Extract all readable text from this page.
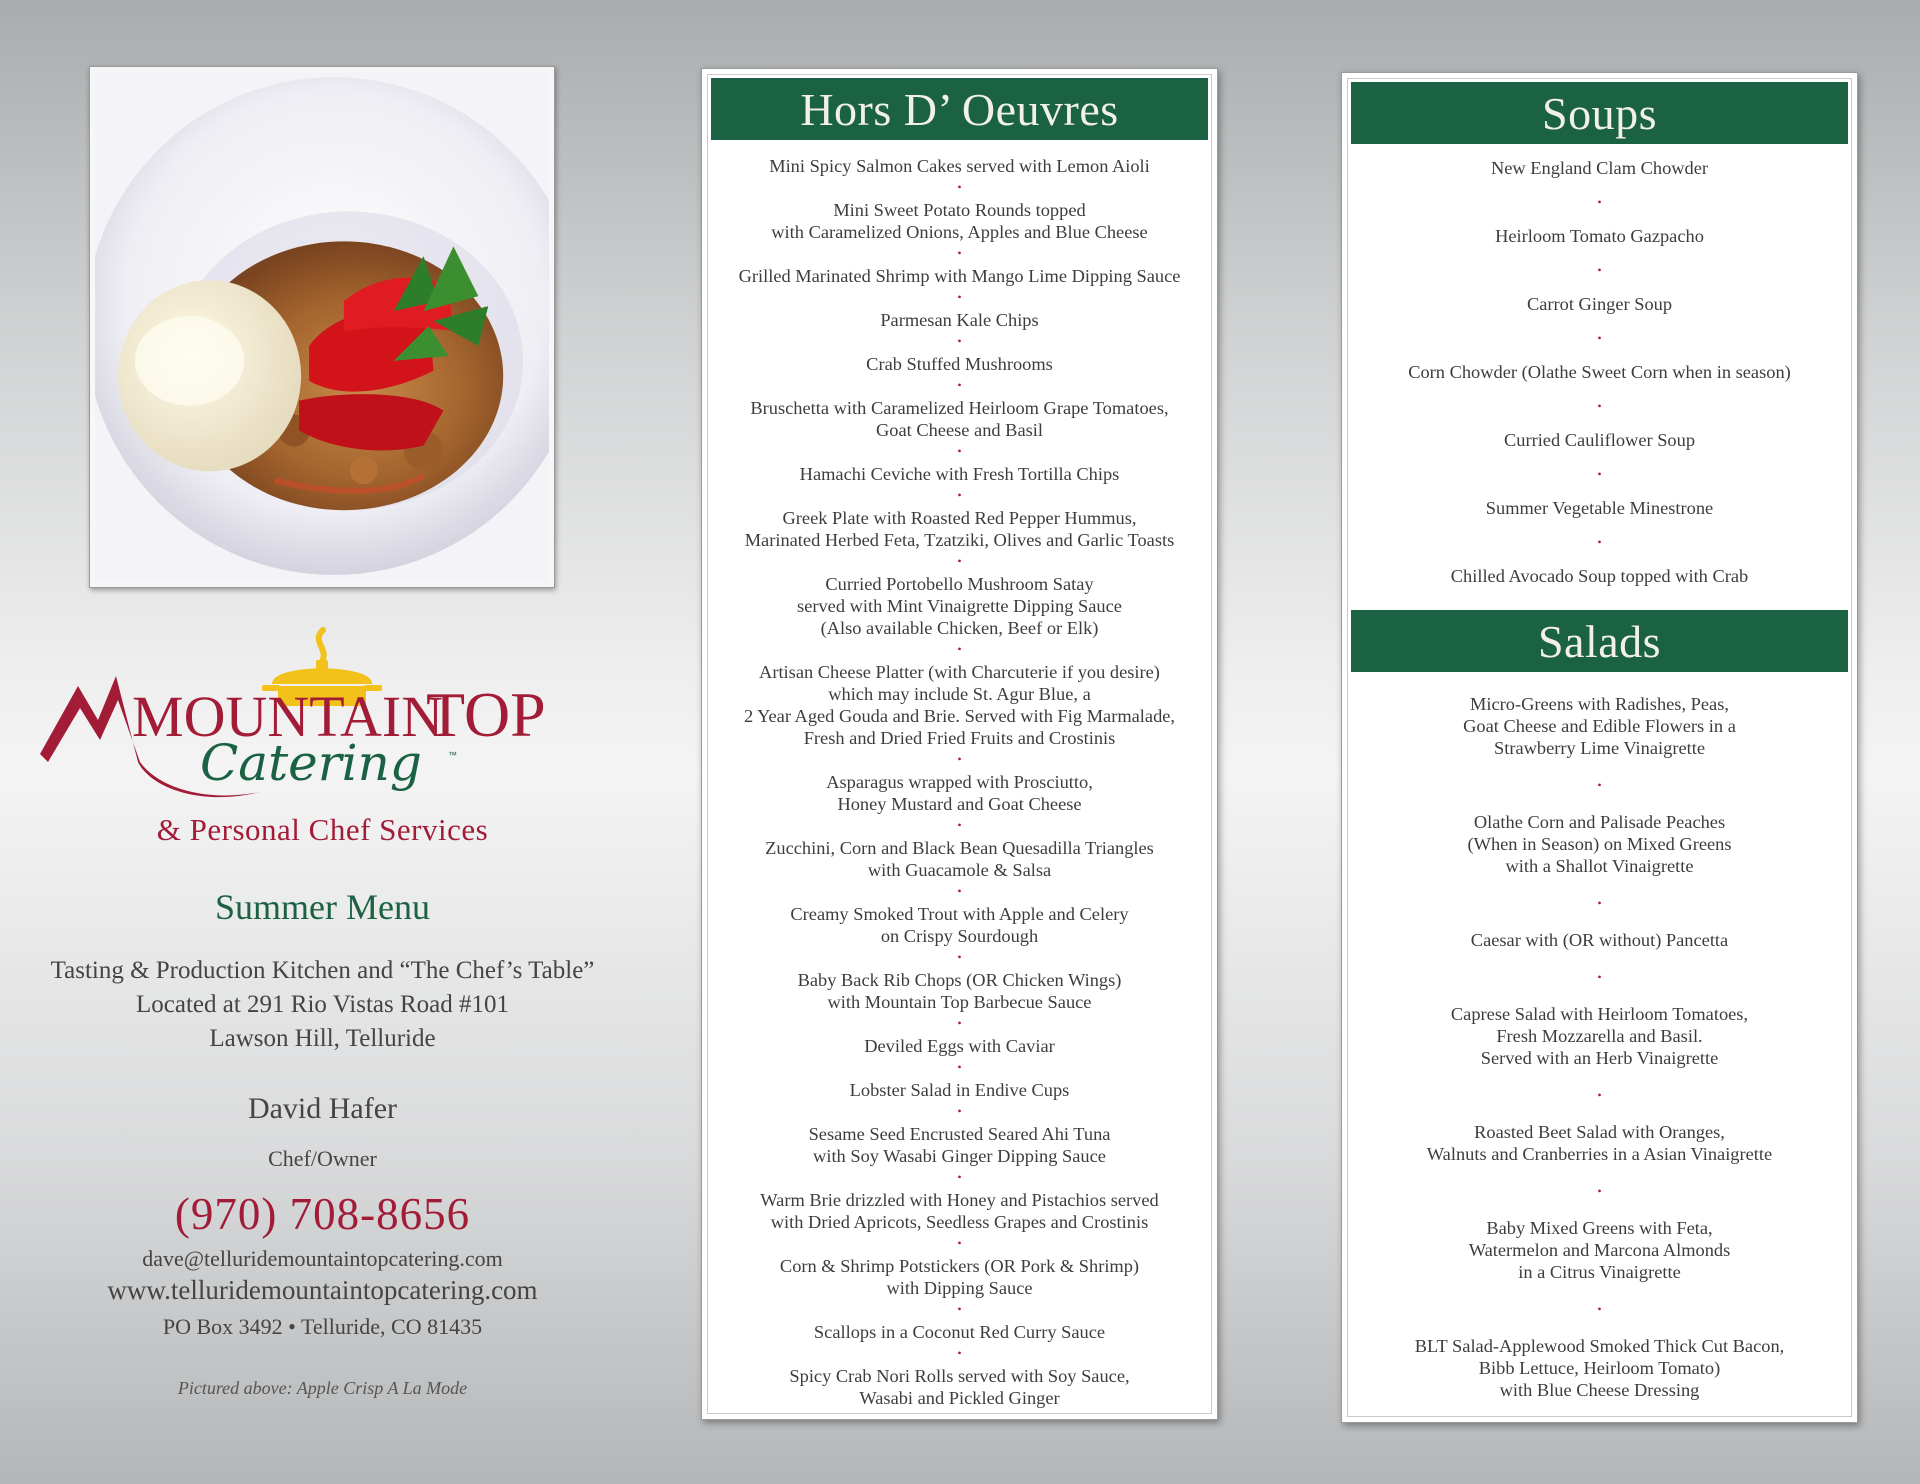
MOUNTAIN
TOP
Catering	™
& Personal Chef Services
Summer Menu
Tasting & Production Kitchen and “The Chef’s Table”
Located at 291 Rio Vistas Road #101
Lawson Hill, Telluride
David Hafer
Chef/Owner
(970) 708-8656
dave@telluridemountaintopcatering.com
www.telluridemountaintopcatering.com
PO Box 3492 • Telluride, CO 81435
Pictured above: Apple Crisp A La Mode
Hors D’ Oeuvres
Mini Spicy Salmon Cakes served with Lemon Aioli
•
Mini Sweet Potato Rounds topped
with Caramelized Onions, Apples and Blue Cheese
•
Grilled Marinated Shrimp with Mango Lime Dipping Sauce
•
Parmesan Kale Chips
•
Crab Stuffed Mushrooms
•
Bruschetta with Caramelized Heirloom Grape Tomatoes,
Goat Cheese and Basil
•
Hamachi Ceviche with Fresh Tortilla Chips
•
Greek Plate with Roasted Red Pepper Hummus,
Marinated Herbed Feta, Tzatziki, Olives and Garlic Toasts
•
Curried Portobello Mushroom Satay
served with Mint Vinaigrette Dipping Sauce
(Also available Chicken, Beef or Elk)
•
Artisan Cheese Platter (with Charcuterie if you desire)
which may include St. Agur Blue, a
2 Year Aged Gouda and Brie. Served with Fig Marmalade,
Fresh and Dried Fried Fruits and Crostinis
•
Asparagus wrapped with Prosciutto,
Honey Mustard and Goat Cheese
•
Zucchini, Corn and Black Bean Quesadilla Triangles
with Guacamole & Salsa
•
Creamy Smoked Trout with Apple and Celery
on Crispy Sourdough
•
Baby Back Rib Chops (OR Chicken Wings)
with Mountain Top Barbecue Sauce
•
Deviled Eggs with Caviar
•
Lobster Salad in Endive Cups
•
Sesame Seed Encrusted Seared Ahi Tuna
with Soy Wasabi Ginger Dipping Sauce
•
Warm Brie drizzled with Honey and Pistachios served
with Dried Apricots, Seedless Grapes and Crostinis
•
Corn & Shrimp Potstickers (OR Pork & Shrimp)
with Dipping Sauce
•
Scallops in a Coconut Red Curry Sauce
•
Spicy Crab Nori Rolls served with Soy Sauce,
Wasabi and Pickled Ginger
Soups
New England Clam Chowder
•
Heirloom Tomato Gazpacho
•
Carrot Ginger Soup
•
Corn Chowder (Olathe Sweet Corn when in season)
•
Curried Cauliflower Soup
•
Summer Vegetable Minestrone
•
Chilled Avocado Soup topped with Crab
Salads
Micro-Greens with Radishes, Peas,
Goat Cheese and Edible Flowers in a
Strawberry Lime Vinaigrette
•
Olathe Corn and Palisade Peaches
(When in Season) on Mixed Greens
with a Shallot Vinaigrette
•
Caesar with (OR without) Pancetta
•
Caprese Salad with Heirloom Tomatoes,
Fresh Mozzarella and Basil.
Served with an Herb Vinaigrette
•
Roasted Beet Salad with Oranges,
Walnuts and Cranberries in a Asian Vinaigrette
•
Baby Mixed Greens with Feta,
Watermelon and Marcona Almonds
in a Citrus Vinaigrette
•
BLT Salad-Applewood Smoked Thick Cut Bacon,
Bibb Lettuce, Heirloom Tomato)
with Blue Cheese Dressing
